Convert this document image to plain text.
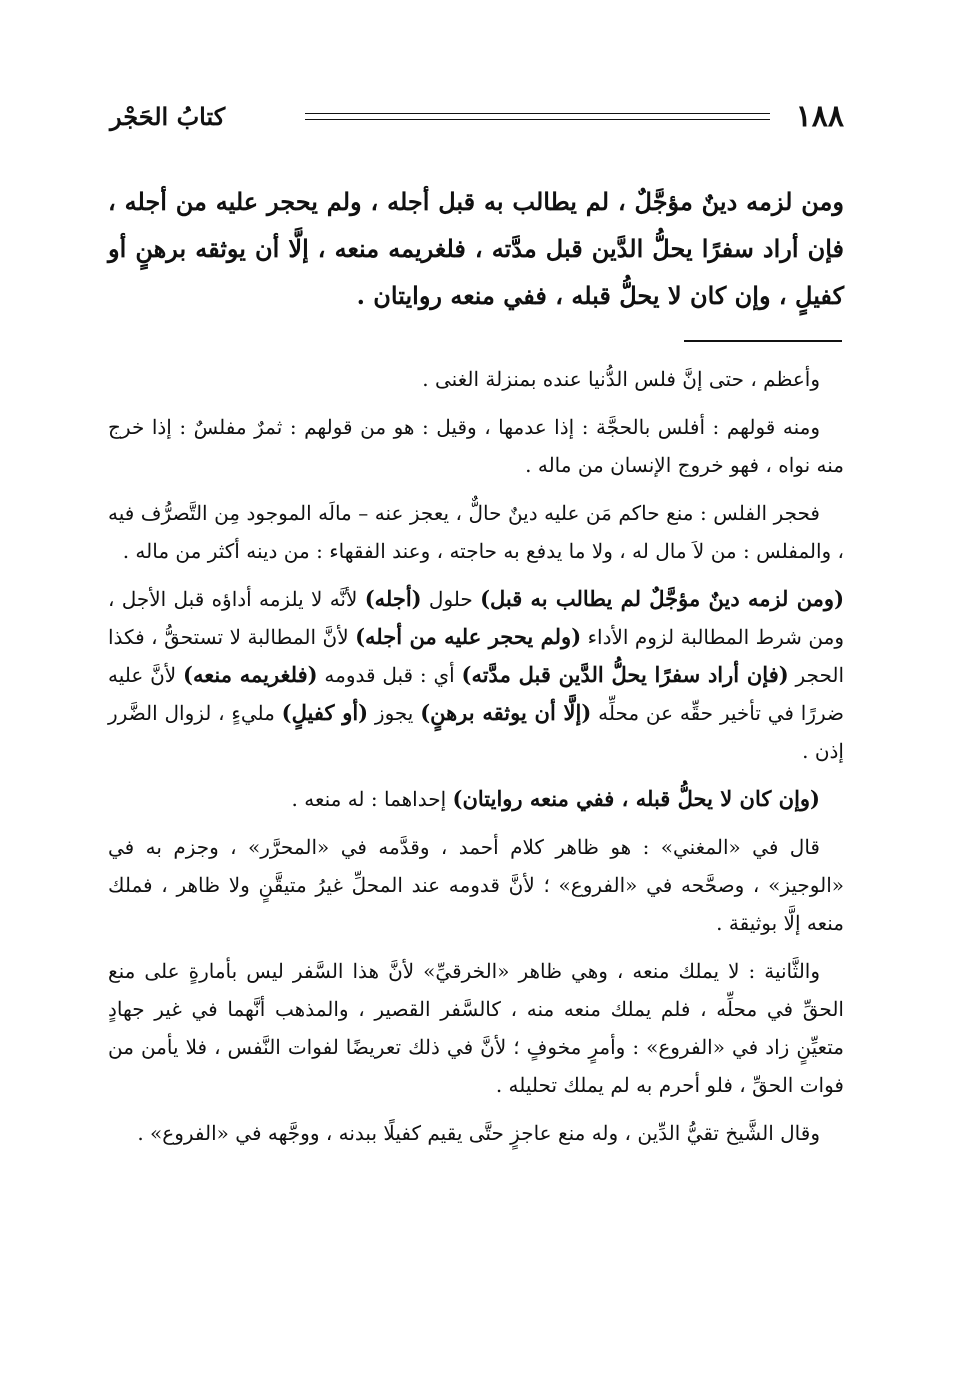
١٨٨
كتابُ الحَجْر
ومن لزمه دينٌ مؤجَّلٌ ، لم يطالب به قبل أجله ، ولم يحجر عليه من أجله ، فإن أراد سفرًا يحلُّ الدَّين قبل مدَّته ، فلغريمه منعه ، إلَّا أن يوثقه برهنٍ أو كفيلٍ ، وإن كان لا يحلُّ قبله ، ففي منعه روايتان .

وأعظم ، حتى إنَّ فلس الدُّنيا عنده بمنزلة الغنى .

ومنه قولهم : أفلس بالحجَّة : إذا عدمها ، وقيل : هو من قولهم : ثمرٌ مفلسٌ : إذا خرج منه نواه ، فهو خروج الإنسان من ماله .

فحجر الفلس : منع حاكم مَن عليه دينٌ حالٌّ ، يعجز عنه – مالَه الموجود مِن التَّصرُّف فيه ، والمفلس : من لاَ مال له ، ولا ما يدفع به حاجته ، وعند الفقهاء : من دينه أكثر من ماله .

(ومن لزمه دينٌ مؤجَّلٌ لم يطالب به قبل) حلول (أجله) لأنَّه لا يلزمه أداؤه قبل الأجل ، ومن شرط المطالبة لزوم الأداء (ولم يحجر عليه من أجله) لأنَّ المطالبة لا تستحقُّ ، فكذا الحجر (فإن أراد سفرًا يحلُّ الدَّين قبل مدَّته) أي : قبل قدومه (فلغريمه منعه) لأنَّ عليه ضررًا في تأخير حقِّه عن محلِّه (إلَّا أن يوثقه برهنٍ) يجوز (أو كفيلٍ) مليءٍ ، لزوال الضَّرر إذن .

(وإن كان لا يحلُّ قبله ، ففي منعه روايتان) إحداهما : له منعه .

قال في «المغني» : هو ظاهر كلام أحمد ، وقدَّمه في «المحرَّر» ، وجزم به في «الوجيز» ، وصحَّحه في «الفروع» ؛ لأنَّ قدومه عند المحلِّ غيرُ متيقَّنٍ ولا ظاهر ، فملك منعه إلَّا بوثيقة .

والثَّانية : لا يملك منعه ، وهي ظاهر «الخرقيِّ» لأنَّ هذا السَّفر ليس بأمارةٍ على منع الحقِّ في محلِّه ، فلم يملك منعه منه ، كالسَّفر القصير ، والمذهب أنَّهما في غير جهادٍ متعيِّنٍ زاد في «الفروع» : وأمرٍ مخوفٍ ؛ لأنَّ في ذلك تعريضًا لفوات النَّفس ، فلا يأمن من فوات الحقِّ ، فلو أحرم به لم يملك تحليله .

وقال الشَّيخ تقيُّ الدِّين ، وله منع عاجزٍ حتَّى يقيم كفيلًا ببدنه ، ووجَّهه في «الفروع» .
